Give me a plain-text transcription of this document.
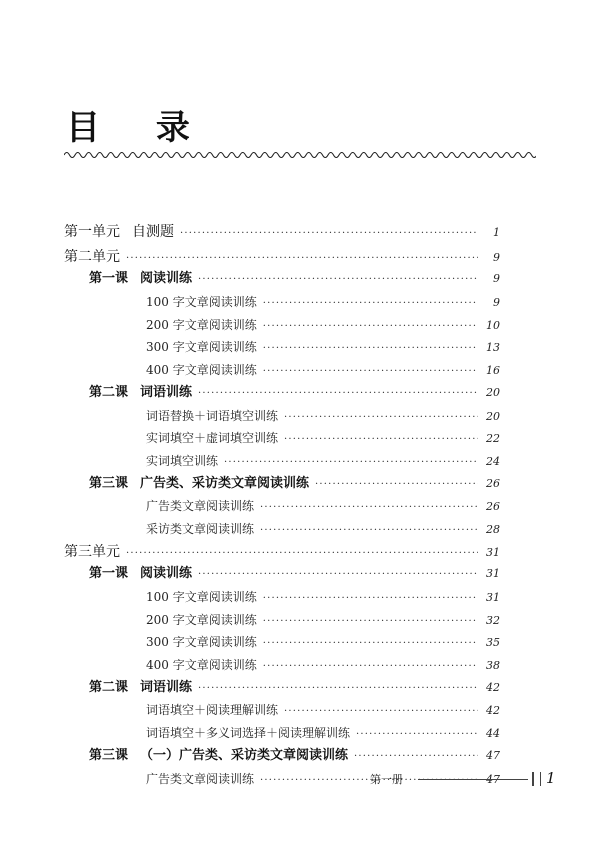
目 录
第一单元 自测题 ·····	1
第二单元 ·····	9
第一课 阅读训练 ·····	9
100 字文章阅读训练 ·····	9
200 字文章阅读训练 ·····	10
300 字文章阅读训练 ·····	13
400 字文章阅读训练 ·····	16
第二课 词语训练 ·····	20
词语替换＋词语填空训练 ·····	20
实词填空＋虚词填空训练 ·····	22
实词填空训练 ·····	24
第三课 广告类、采访类文章阅读训练 ·····	26
广告类文章阅读训练 ·····	26
采访类文章阅读训练 ·····	28
第三单元 ·····	31
第一课 阅读训练 ·····	31
100 字文章阅读训练 ·····	31
200 字文章阅读训练 ·····	32
300 字文章阅读训练 ·····	35
400 字文章阅读训练 ·····	38
第二课 词语训练 ·····	42
词语填空＋阅读理解训练 ·····	42
词语填空＋多义词选择＋阅读理解训练 ·····	44
第三课 （一）广告类、采访类文章阅读训练 ·····	47
广告类文章阅读训练 ·····	47
第一册	1
